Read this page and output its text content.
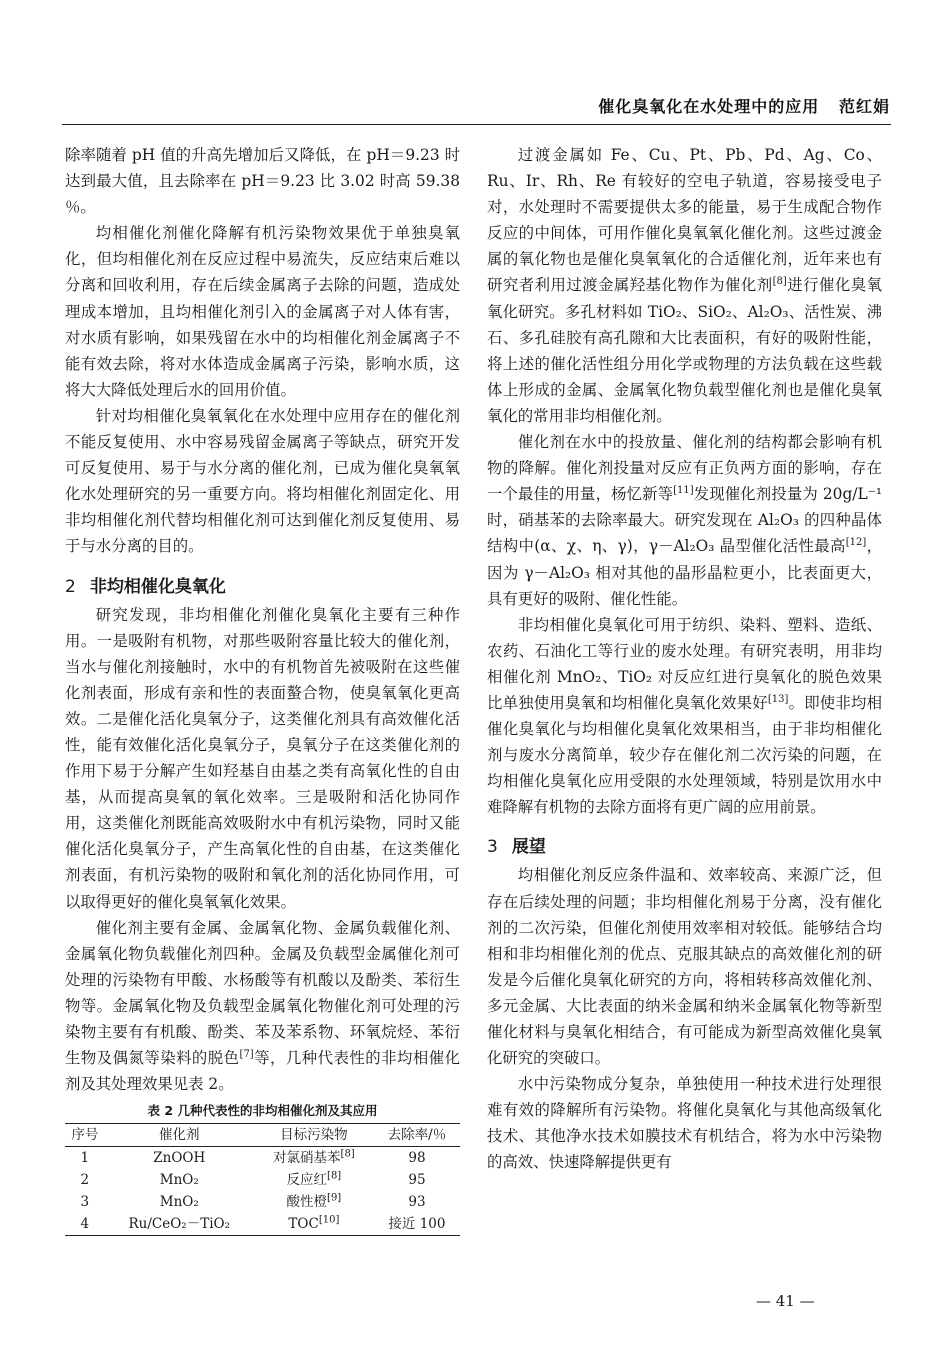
催化臭氧化在水处理中的应用 范红娟

除率随着 pH 值的升高先增加后又降低，在 pH＝9.23 时达到最大值，且去除率在 pH＝9.23 比 3.02 时高 59.38 ％。

均相催化剂催化降解有机污染物效果优于单独臭氧化，但均相催化剂在反应过程中易流失，反应结束后难以分离和回收利用，存在后续金属离子去除的问题，造成处理成本增加，且均相催化剂引入的金属离子对人体有害，对水质有影响，如果残留在水中的均相催化剂金属离子不能有效去除，将对水体造成金属离子污染，影响水质，这将大大降低处理后水的回用价值。

针对均相催化臭氧氧化在水处理中应用存在的催化剂不能反复使用、水中容易残留金属离子等缺点，研究开发可反复使用、易于与水分离的催化剂，已成为催化臭氧氧化水处理研究的另一重要方向。将均相催化剂固定化、用非均相催化剂代替均相催化剂可达到催化剂反复使用、易于与水分离的目的。

2 非均相催化臭氧化

研究发现，非均相催化剂催化臭氧化主要有三种作用。一是吸附有机物，对那些吸附容量比较大的催化剂，当水与催化剂接触时，水中的有机物首先被吸附在这些催化剂表面，形成有亲和性的表面螯合物，使臭氧氧化更高效。二是催化活化臭氧分子，这类催化剂具有高效催化活性，能有效催化活化臭氧分子，臭氧分子在这类催化剂的作用下易于分解产生如羟基自由基之类有高氧化性的自由基，从而提高臭氧的氧化效率。三是吸附和活化协同作用，这类催化剂既能高效吸附水中有机污染物，同时又能催化活化臭氧分子，产生高氧化性的自由基，在这类催化剂表面，有机污染物的吸附和氧化剂的活化协同作用，可以取得更好的催化臭氧氧化效果。

催化剂主要有金属、金属氧化物、金属负载催化剂、金属氧化物负载催化剂四种。金属及负载型金属催化剂可处理的污染物有甲酸、水杨酸等有机酸以及酚类、苯衍生物等。金属氧化物及负载型金属氧化物催化剂可处理的污染物主要有有机酸、酚类、苯及苯系物、环氧烷烃、苯衍生物及偶氮等染料的脱色[7]等，几种代表性的非均相催化剂及其处理效果见表 2。

表 2 几种代表性的非均相催化剂及其应用
序号	催化剂	目标污染物	去除率/％
1	ZnOOH	对氯硝基苯[8]	98
2	MnO₂	反应红[8]	95
3	MnO₂	酸性橙[9]	93
4	Ru/CeO₂－TiO₂	TOC[10]	接近 100

过渡金属如 Fe、Cu、Pt、Pb、Pd、Ag、Co、Ru、Ir、Rh、Re 有较好的空电子轨道，容易接受电子对，水处理时不需要提供太多的能量，易于生成配合物作反应的中间体，可用作催化臭氧氧化催化剂。这些过渡金属的氧化物也是催化臭氧氧化的合适催化剂，近年来也有研究者利用过渡金属羟基化物作为催化剂[8]进行催化臭氧氧化研究。多孔材料如 TiO₂、SiO₂、Al₂O₃、活性炭、沸石、多孔硅胶有高孔隙和大比表面积，有好的吸附性能，将上述的催化活性组分用化学或物理的方法负载在这些载体上形成的金属、金属氧化物负载型催化剂也是催化臭氧氧化的常用非均相催化剂。

催化剂在水中的投放量、催化剂的结构都会影响有机物的降解。催化剂投量对反应有正负两方面的影响，存在一个最佳的用量，杨忆新等[11]发现催化剂投量为 20g/L⁻¹ 时，硝基苯的去除率最大。研究发现在 Al₂O₃ 的四种晶体结构中(α、χ、η、γ)，γ－Al₂O₃ 晶型催化活性最高[12]，因为 γ－Al₂O₃ 相对其他的晶形晶粒更小，比表面更大，具有更好的吸附、催化性能。

非均相催化臭氧化可用于纺织、染料、塑料、造纸、农药、石油化工等行业的废水处理。有研究表明，用非均相催化剂 MnO₂、TiO₂ 对反应红进行臭氧化的脱色效果比单独使用臭氧和均相催化臭氧化效果好[13]。即使非均相催化臭氧化与均相催化臭氧化效果相当，由于非均相催化剂与废水分离简单，较少存在催化剂二次污染的问题，在均相催化臭氧化应用受限的水处理领域，特别是饮用水中难降解有机物的去除方面将有更广阔的应用前景。

3 展望

均相催化剂反应条件温和、效率较高、来源广泛，但存在后续处理的问题；非均相催化剂易于分离，没有催化剂的二次污染，但催化剂使用效率相对较低。能够结合均相和非均相催化剂的优点、克服其缺点的高效催化剂的研发是今后催化臭氧化研究的方向，将相转移高效催化剂、多元金属、大比表面的纳米金属和纳米金属氧化物等新型催化材料与臭氧化相结合，有可能成为新型高效催化臭氧化研究的突破口。

水中污染物成分复杂，单独使用一种技术进行处理很难有效的降解所有污染物。将催化臭氧化与其他高级氧化技术、其他净水技术如膜技术有机结合，将为水中污染物的高效、快速降解提供更有

— 41 —
